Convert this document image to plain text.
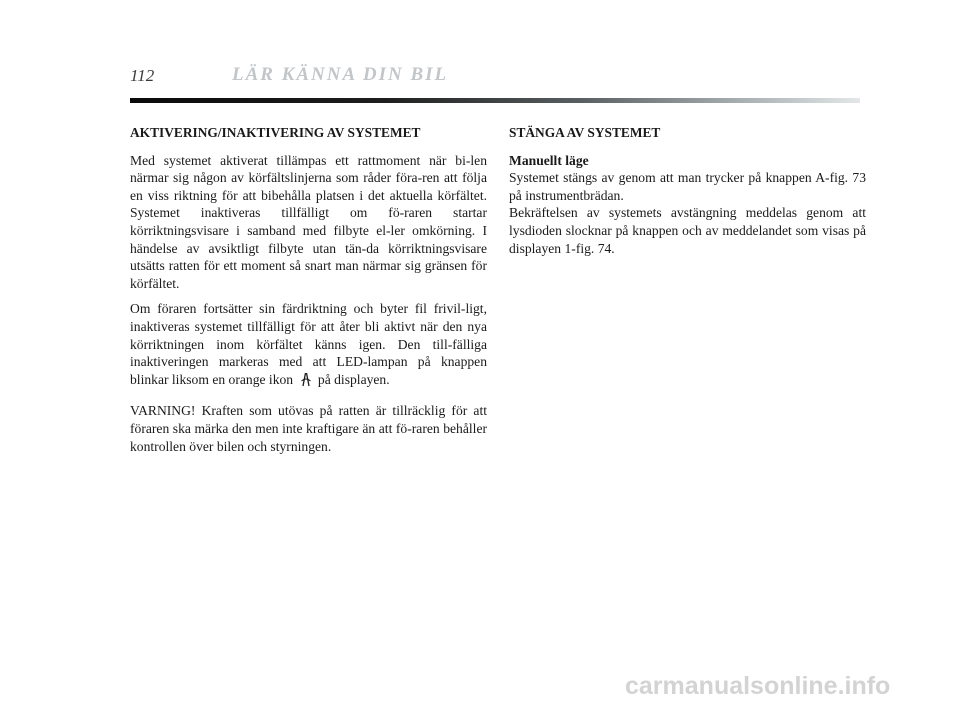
112	LÄR KÄNNA DIN BIL
AKTIVERING/INAKTIVERING AV SYSTEMET

Med systemet aktiverat tillämpas ett rattmoment när bi-len närmar sig någon av körfältslinjerna som råder föra-ren att följa en viss riktning för att bibehålla platsen i det aktuella körfältet. Systemet inaktiveras tillfälligt om fö-raren startar körriktningsvisare i samband med filbyte el-ler omkörning. I händelse av avsiktligt filbyte utan tän-da körriktningsvisare utsätts ratten för ett moment så snart man närmar sig gränsen för körfältet.

Om föraren fortsätter sin färdriktning och byter fil frivil-ligt, inaktiveras systemet tillfälligt för att åter bli aktivt när den nya körriktningen inom körfältet känns igen. Den till-fälliga inaktiveringen markeras med att LED-lampan på knappen blinkar liksom en orange ikon på displayen.

VARNING! Kraften som utövas på ratten är tillräcklig för att föraren ska märka den men inte kraftigare än att fö-raren behåller kontrollen över bilen och styrningen.

STÄNGA AV SYSTEMET
Manuellt läge

Systemet stängs av genom att man trycker på knappen A-fig. 73 på instrumentbrädan.

Bekräftelsen av systemets avstängning meddelas genom att lysdioden slocknar på knappen och av meddelandet som visas på displayen 1-fig. 74.

carmanualsonline.info
